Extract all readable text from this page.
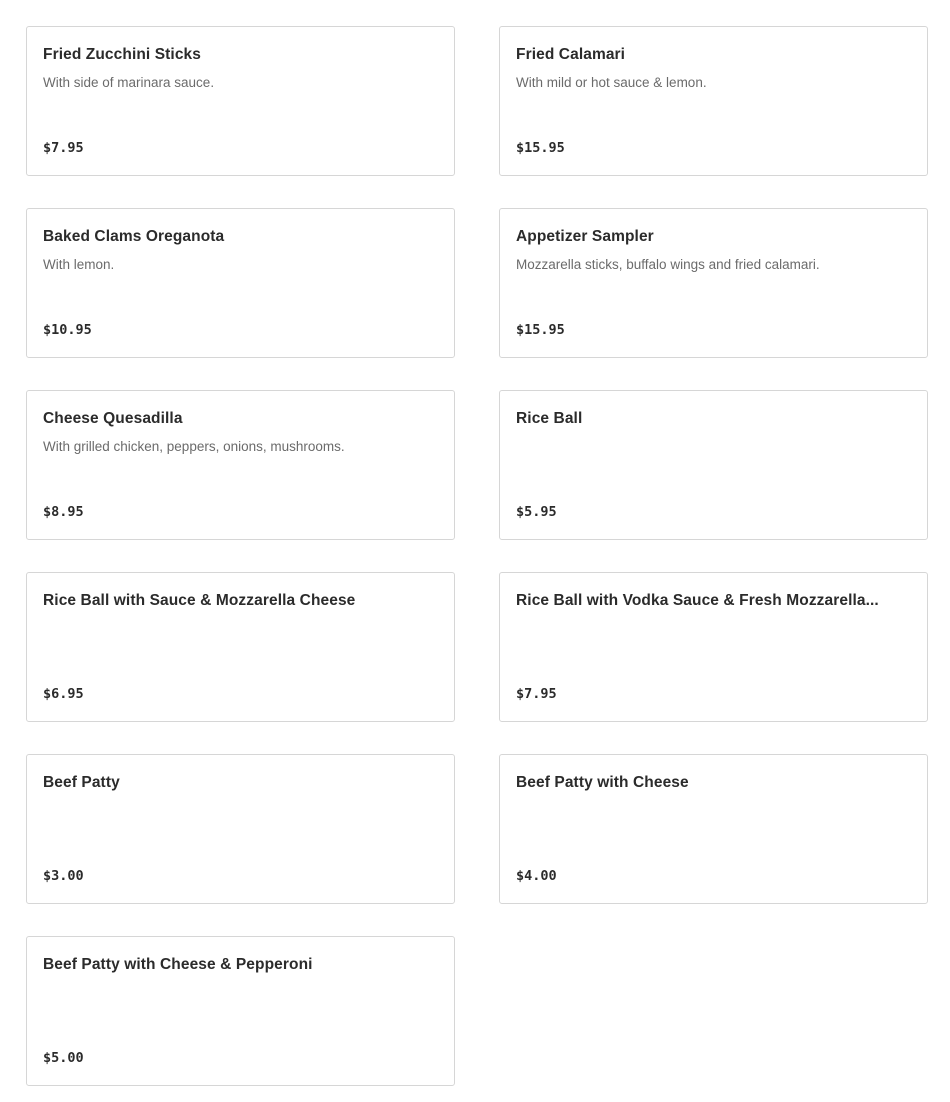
Fried Zucchini Sticks
With side of marinara sauce.
$7.95
Fried Calamari
With mild or hot sauce & lemon.
$15.95
Baked Clams Oreganota
With lemon.
$10.95
Appetizer Sampler
Mozzarella sticks, buffalo wings and fried calamari.
$15.95
Cheese Quesadilla
With grilled chicken, peppers, onions, mushrooms.
$8.95
Rice Ball
$5.95
Rice Ball with Sauce & Mozzarella Cheese
$6.95
Rice Ball with Vodka Sauce & Fresh Mozzarella...
$7.95
Beef Patty
$3.00
Beef Patty with Cheese
$4.00
Beef Patty with Cheese & Pepperoni
$5.00
